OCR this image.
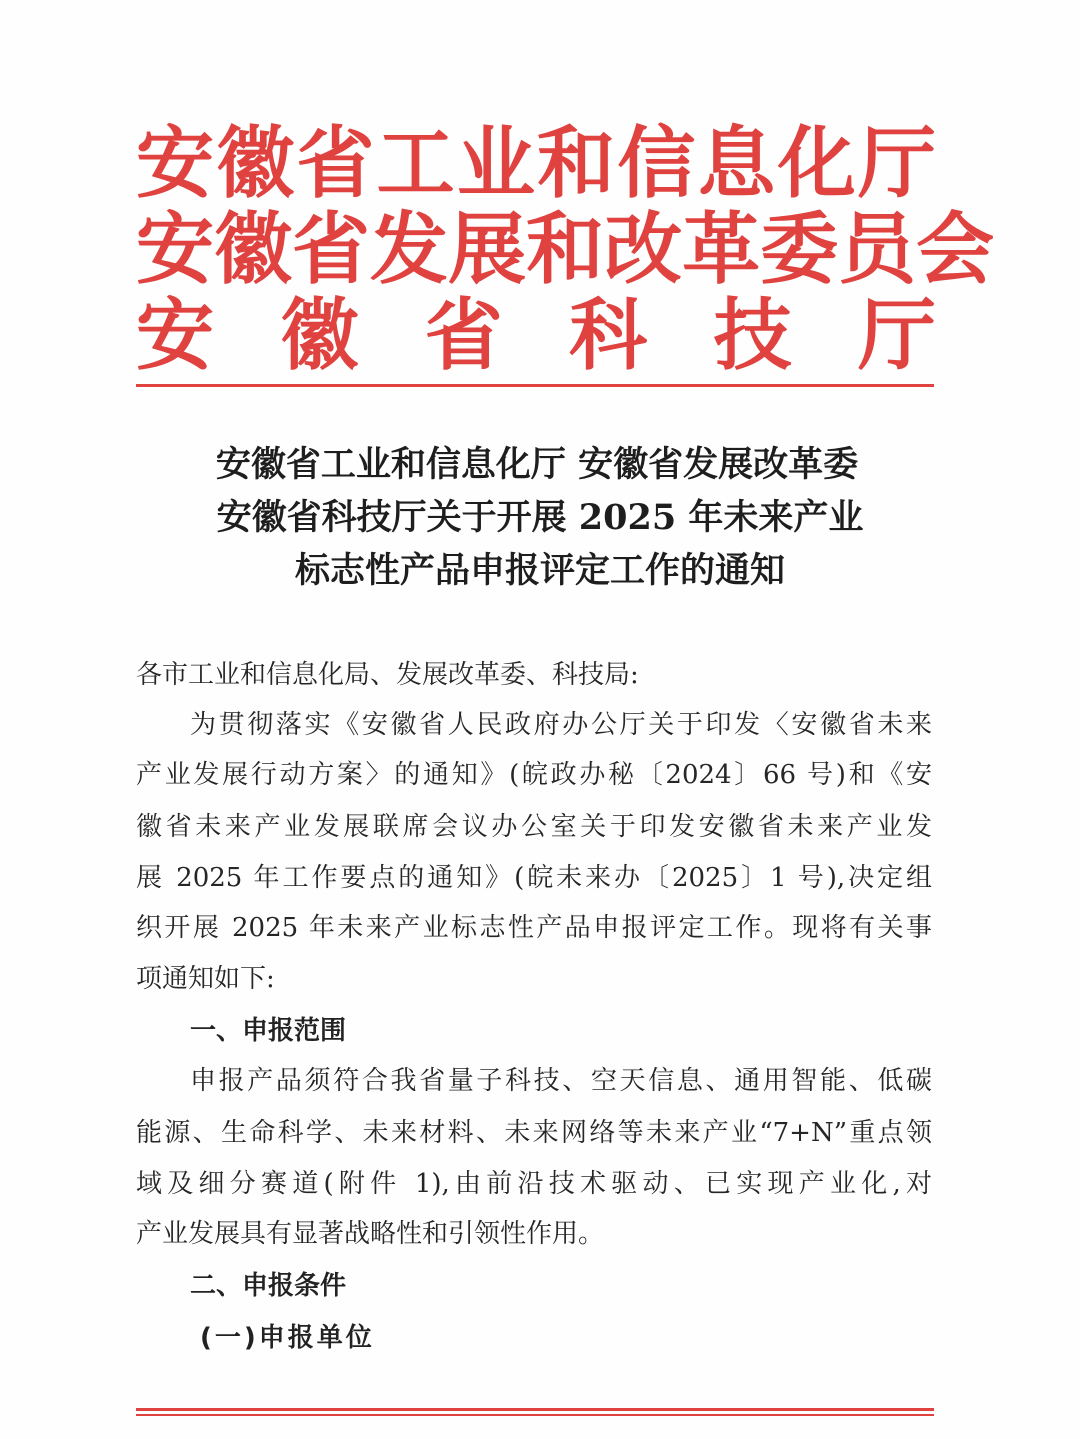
安 徽 省 工 业 和 信 息 化 厅
安 徽 省 发 展 和 改 革 委 员 会
安 徽 省 科 技 厅
安徽省工业和信息化厅 安徽省发展改革委
安徽省科技厅关于开展 2025 年未来产业
标志性产品申报评定工作的通知
各市工业和信息化局、发展改革委、科技局:
为贯彻落实《安徽省人民政府办公厅关于印发〈安徽省未来
产业发展行动方案〉的通知》(皖政办秘〔2024〕66 号)和《安
徽省未来产业发展联席会议办公室关于印发安徽省未来产业发
展 2025 年工作要点的通知》(皖未来办〔2025〕1 号),决定组
织开展 2025 年未来产业标志性产品申报评定工作。现将有关事
项通知如下:
一、申报范围
申报产品须符合我省量子科技、空天信息、通用智能、低碳
能源、生命科学、未来材料、未来网络等未来产业“7+N”重点领
域及细分赛道(附件 1),由前沿技术驱动、已实现产业化,对
产业发展具有显著战略性和引领性作用。
二、申报条件
(一)申报单位
